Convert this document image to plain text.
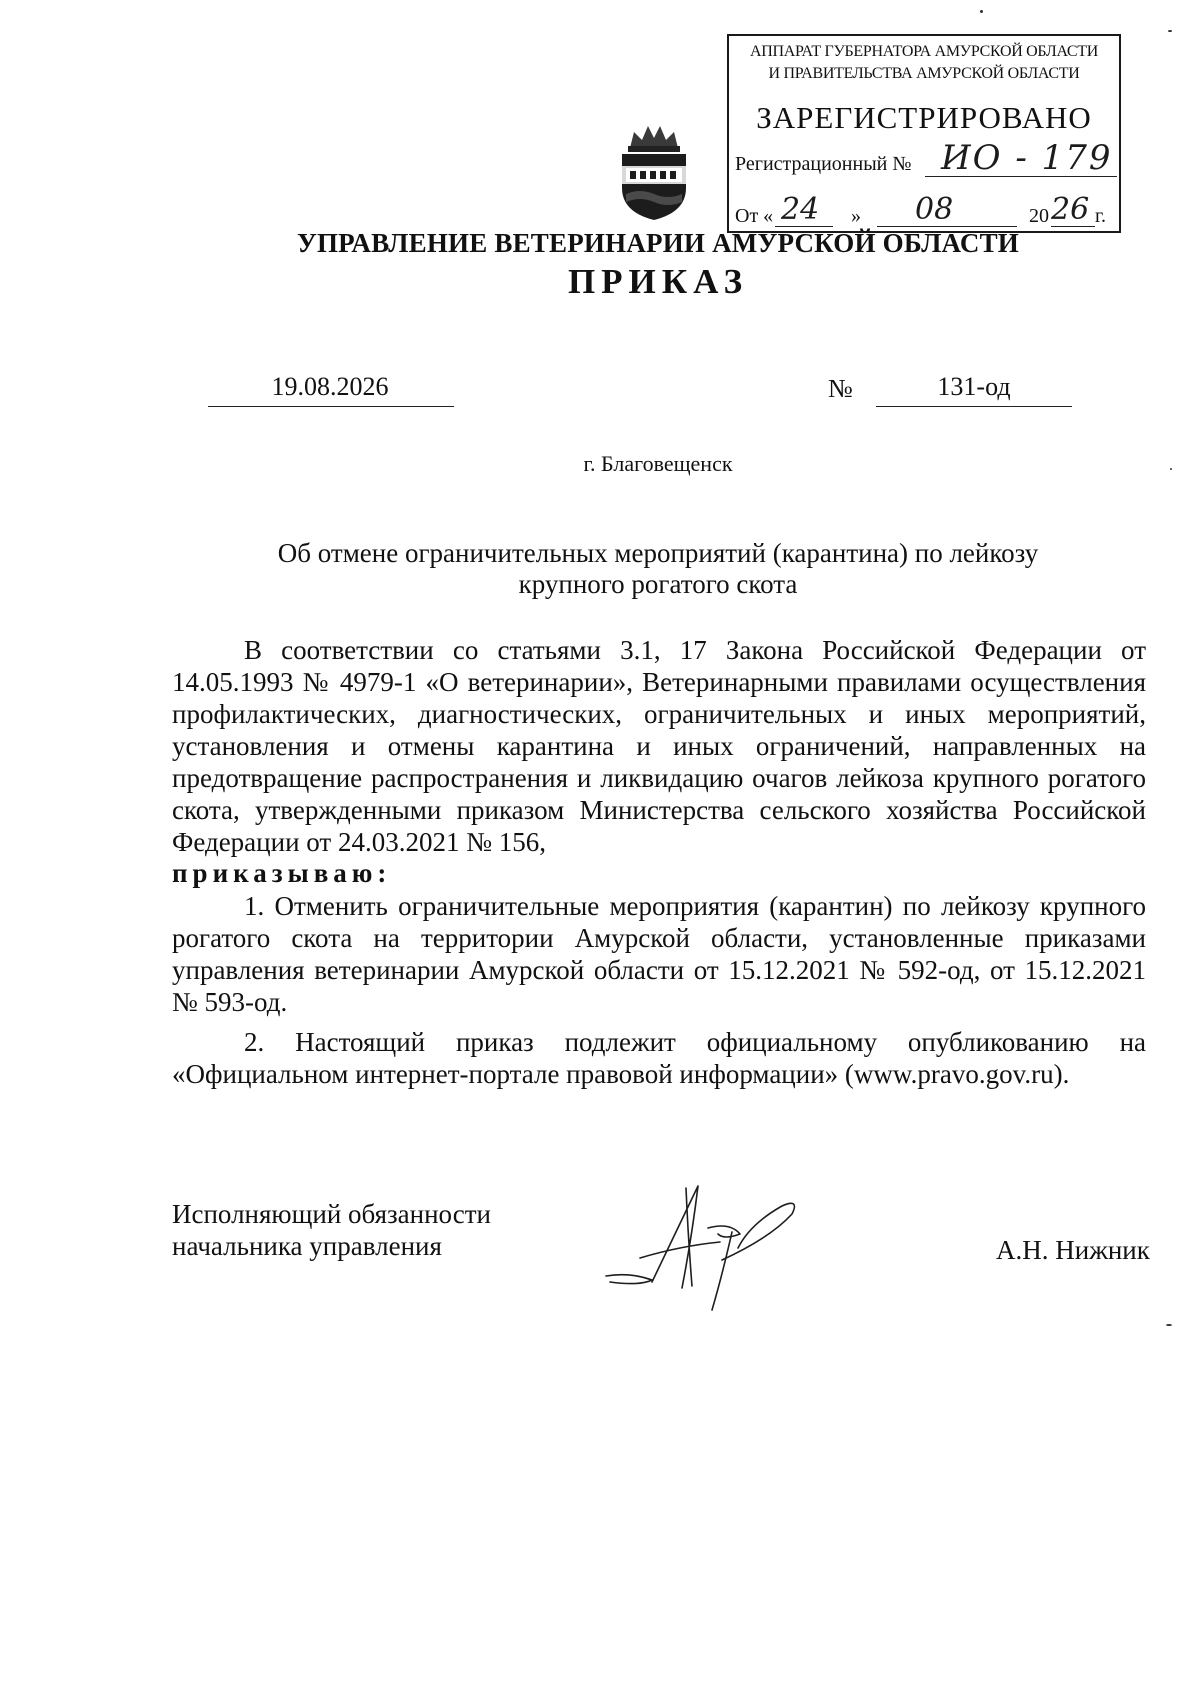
АППАРАТ ГУБЕРНАТОРА АМУРСКОЙ ОБЛАСТИ
И ПРАВИТЕЛЬСТВА АМУРСКОЙ ОБЛАСТИ
ЗАРЕГИСТРИРОВАНО
Регистрационный № ИО - 179
От « 24 » 08	20 26 г.
УПРАВЛЕНИЕ ВЕТЕРИНАРИИ АМУРСКОЙ ОБЛАСТИ
ПРИКАЗ
19.08.2026	№	131-од
г. Благовещенск
Об отмене ограничительных мероприятий (карантина) по лейкозу
крупного рогатого скота

В соответствии со статьями 3.1, 17 Закона Российской Федерации от 14.05.1993 № 4979-1 «О ветеринарии», Ветеринарными правилами осуществления профилактических, диагностических, ограничительных и иных мероприятий, установления и отмены карантина и иных ограничений, направленных на предотвращение распространения и ликвидацию очагов лейкоза крупного рогатого скота, утвержденными приказом Министерства сельского хозяйства Российской Федерации от 24.03.2021 № 156,

приказываю:

1. Отменить ограничительные мероприятия (карантин) по лейкозу крупного рогатого скота на территории Амурской области, установленные приказами управления ветеринарии Амурской области от 15.12.2021 № 592-од, от 15.12.2021 № 593-од.

2. Настоящий приказ подлежит официальному опубликованию на «Официальном интернет-портале правовой информации» (www.pravo.gov.ru).

Исполняющий обязанности
начальника управления	А.Н. Нижник
